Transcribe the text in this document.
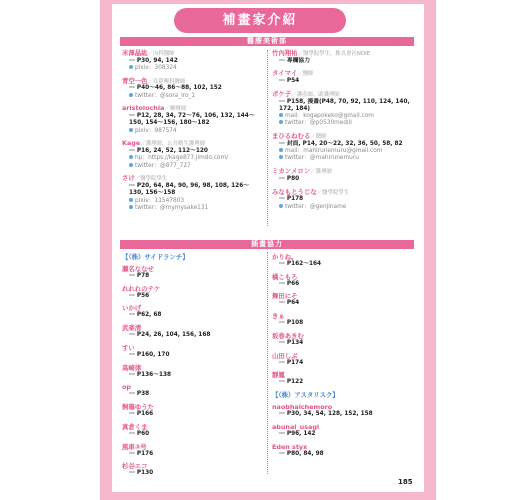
補畫家介紹
醫療美術部
米澤晶紘／內科醫師
⋯ P30, 94, 142
pixiv：308324
青空一色／耳鼻喉科醫師
⋯ P40～46, 86～88, 102, 152
twitter：@sora_iro_1
aristolochia／藥劑師
⋯ P12, 28, 34, 72～76, 106, 132, 144～150, 154～156, 180～182
pixiv：987574
Kage／護理師、公共衛生護理師
⋯ P16, 24, 52, 112～120
hp：https://kage877.jimdo.com/
twitter：@877_727
さけ／醫學院學生
⋯ P20, 64, 84, 90, 96, 98, 108, 126～130, 156～158
pixiv：11547803
twitter：@mymysake131
竹內翔祐／醫學院學生、株式會社NOIE
⋯ 專欄協力
タイマイ／醫師
⋯ P54
ポケ子／護產師、助護理師
⋯ P158, 漫畫(P48, 70, 92, 110, 124, 140, 172, 184)
mail：kogapokeko@gmail.com
twitter：@p0530medill
まひるねむる／醫師
⋯ 封面, P14, 20～22, 32, 36, 50, 58, 82
mail：mahirunemuru@gmail.com
twitter：@mahirunemuru
ミカンメロン／護理師
⋯ P80
みなもとうじな／醫學院學生
⋯ P178
twitter：@genjiname
插畫協力
【（株）サイドランチ】
瀬名ななせ
⋯ P78
れれれのテケ
⋯ P56
いかげ
⋯ P62, 68
武楽清
⋯ P24, 26, 104, 156, 168
すい
⋯ P160, 170
高崎律
⋯ P136～138
op
⋯ P38
飼鶏ゆうた
⋯ P166
真倉くま
⋯ P60
風車③号
⋯ P176
杉谷エコ
⋯ P130
かりね。
⋯ P162～164
橘こもろ
⋯ P66
舞田にそ
⋯ P64
きぁ
⋯ P108
坂巻あきむ
⋯ P134
山田しぶ
⋯ P174
靜鳳
⋯ P122
【（株）アスタリスク】
naobhalchemoro
⋯ P30, 34, 54, 128, 152, 158
abunai_usagi
⋯ P96, 142
Eden styx
⋯ P80, 84, 98
185
